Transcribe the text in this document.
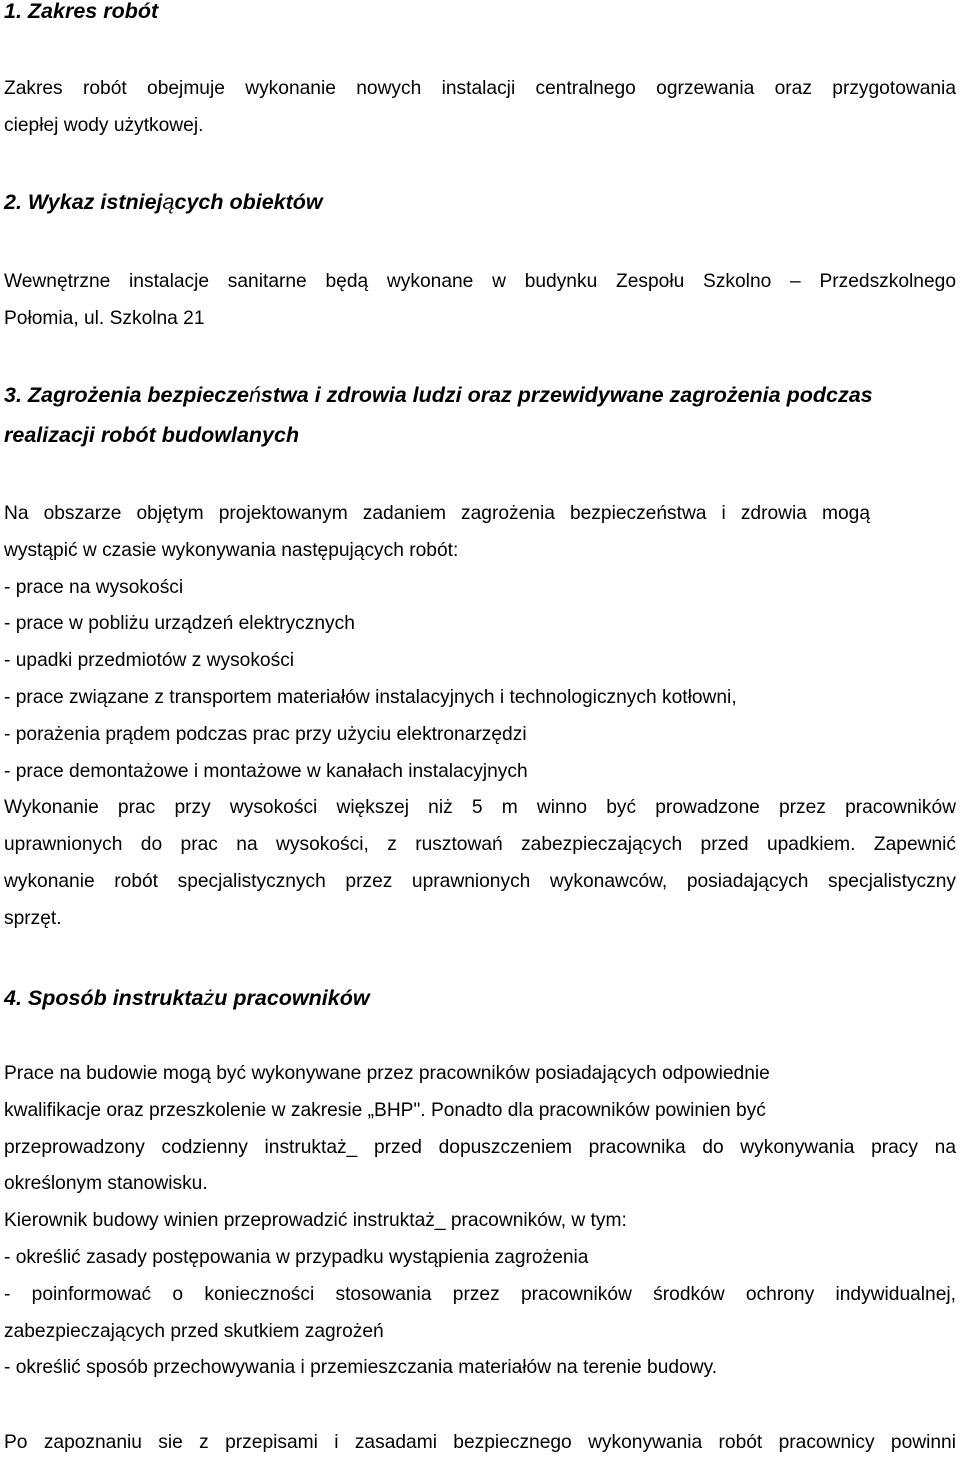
1. Zakres robót

Zakres robót obejmuje wykonanie nowych instalacji centralnego ogrzewania oraz przygotowania
ciepłej wody użytkowej.

2. Wykaz istniejących obiektów

Wewnętrzne instalacje sanitarne będą wykonane w budynku Zespołu Szkolno – Przedszkolnego
Połomia, ul. Szkolna 21

3. Zagrożenia bezpieczeństwa i zdrowia ludzi oraz przewidywane zagrożenia podczas
realizacji robót budowlanych

Na obszarze objętym projektowanym zadaniem zagrożenia bezpieczeństwa i zdrowia mogą
wystąpić w czasie wykonywania następujących robót:
- prace na wysokości
- prace w pobliżu urządzeń elektrycznych
- upadki przedmiotów z wysokości
- prace związane z transportem materiałów instalacyjnych i technologicznych kotłowni,
- porażenia prądem podczas prac przy użyciu elektronarzędzi
- prace demontażowe i montażowe w kanałach instalacyjnych
Wykonanie prac przy wysokości większej niż 5 m winno być prowadzone przez pracowników
uprawnionych do prac na wysokości, z rusztowań zabezpieczających przed upadkiem. Zapewnić
wykonanie robót specjalistycznych przez uprawnionych wykonawców, posiadających specjalistyczny
sprzęt.

4. Sposób instruktażu pracowników

Prace na budowie mogą być wykonywane przez pracowników posiadających odpowiednie
kwalifikacje oraz przeszkolenie w zakresie „BHP". Ponadto dla pracowników powinien być
przeprowadzony codzienny instruktaż_ przed dopuszczeniem pracownika do wykonywania pracy na
określonym stanowisku.
Kierownik budowy winien przeprowadzić instruktaż_ pracowników, w tym:
- określić zasady postępowania w przypadku wystąpienia zagrożenia
- poinformować o konieczności stosowania przez pracowników środków ochrony indywidualnej,
zabezpieczających przed skutkiem zagrożeń
- określić sposób przechowywania i przemieszczania materiałów na terenie budowy.

Po zapoznaniu sie z przepisami i zasadami bezpiecznego wykonywania robót pracownicy powinni
